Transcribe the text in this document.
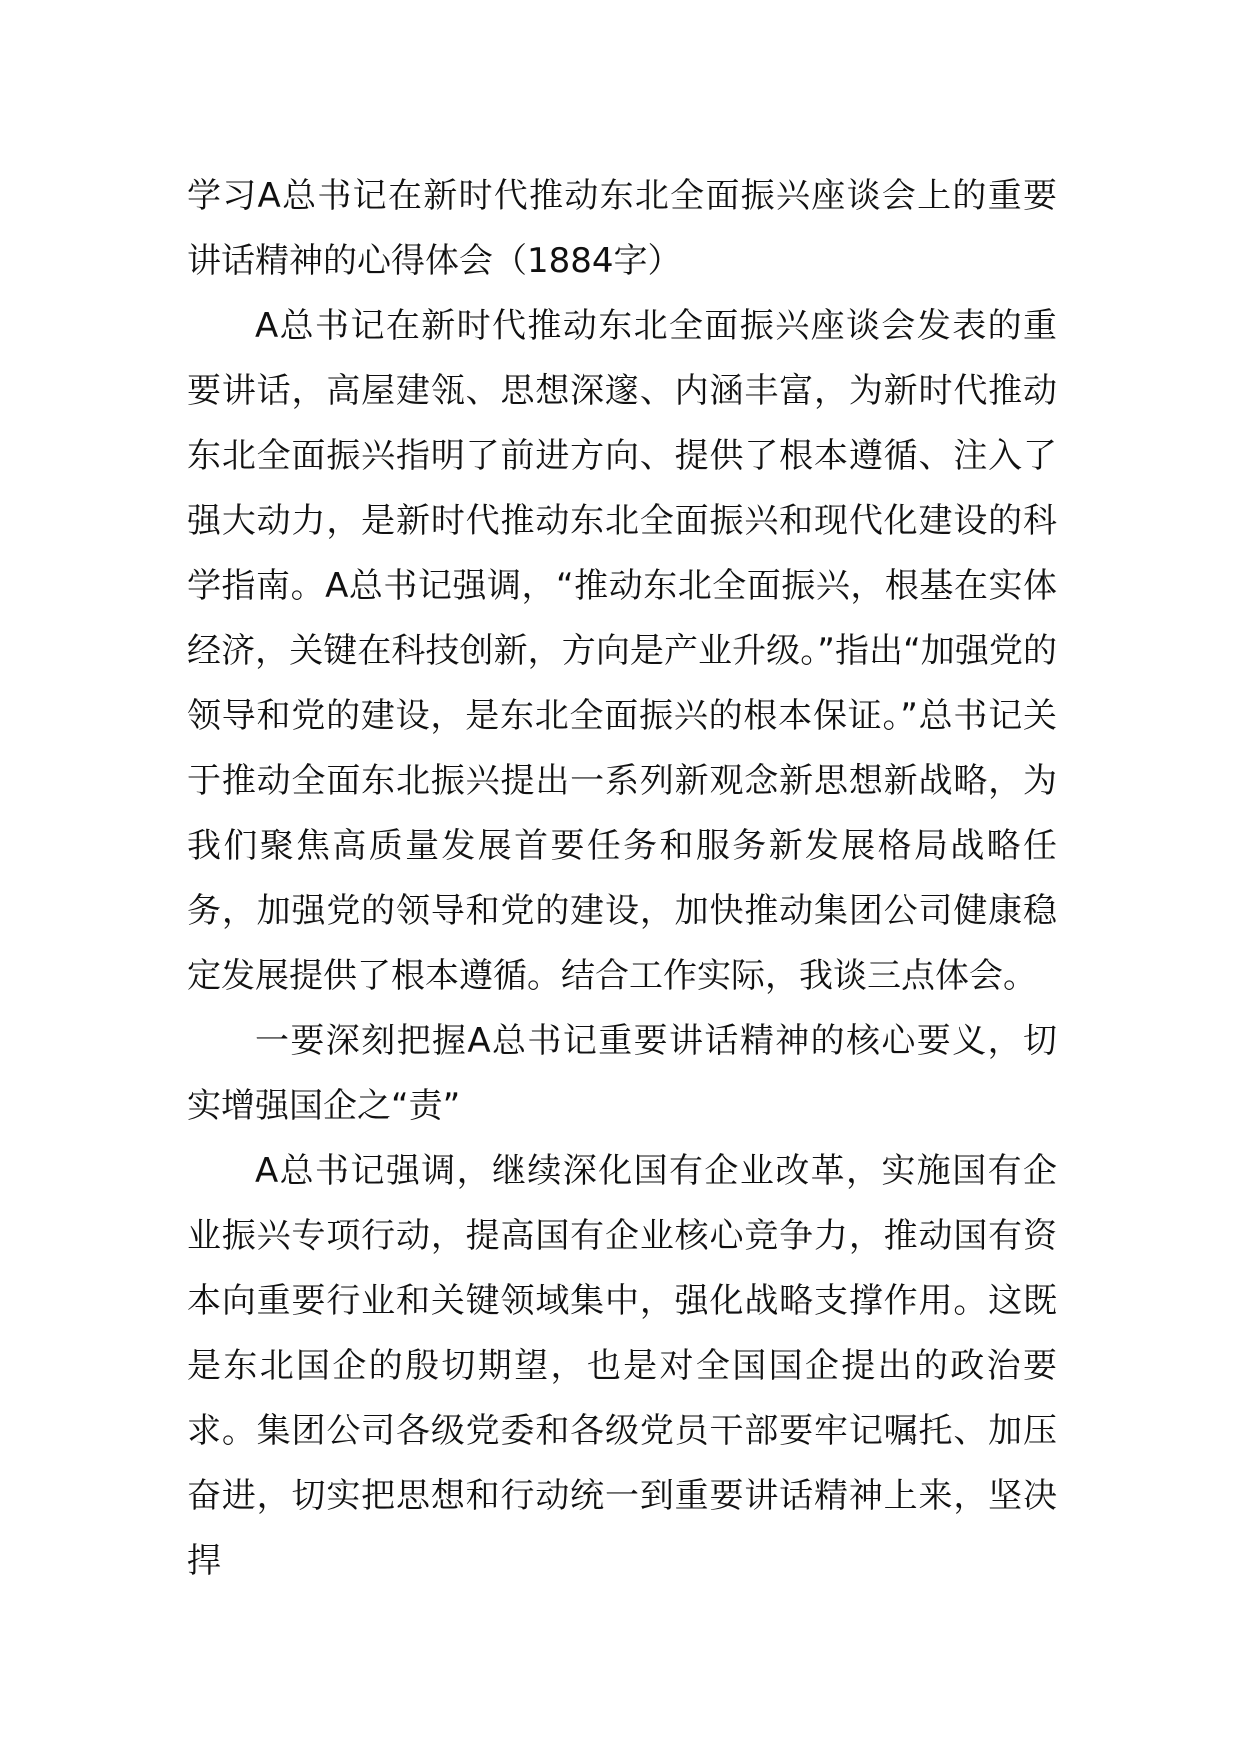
学习A总书记在新时代推动东北全面振兴座谈会上的重要讲话精神的心得体会（1884字）

A总书记在新时代推动东北全面振兴座谈会发表的重要讲话，高屋建瓴、思想深邃、内涵丰富，为新时代推动东北全面振兴指明了前进方向、提供了根本遵循、注入了强大动力，是新时代推动东北全面振兴和现代化建设的科学指南。A总书记强调，“推动东北全面振兴，根基在实体经济，关键在科技创新，方向是产业升级。”指出“加强党的领导和党的建设，是东北全面振兴的根本保证。”总书记关于推动全面东北振兴提出一系列新观念新思想新战略，为我们聚焦高质量发展首要任务和服务新发展格局战略任务，加强党的领导和党的建设，加快推动集团公司健康稳定发展提供了根本遵循。结合工作实际，我谈三点体会。

一要深刻把握A总书记重要讲话精神的核心要义，切实增强国企之“责”

A总书记强调，继续深化国有企业改革，实施国有企业振兴专项行动，提高国有企业核心竞争力，推动国有资本向重要行业和关键领域集中，强化战略支撑作用。这既是东北国企的殷切期望，也是对全国国企提出的政治要求。集团公司各级党委和各级党员干部要牢记嘱托、加压奋进，切实把思想和行动统一到重要讲话精神上来，坚决捍
